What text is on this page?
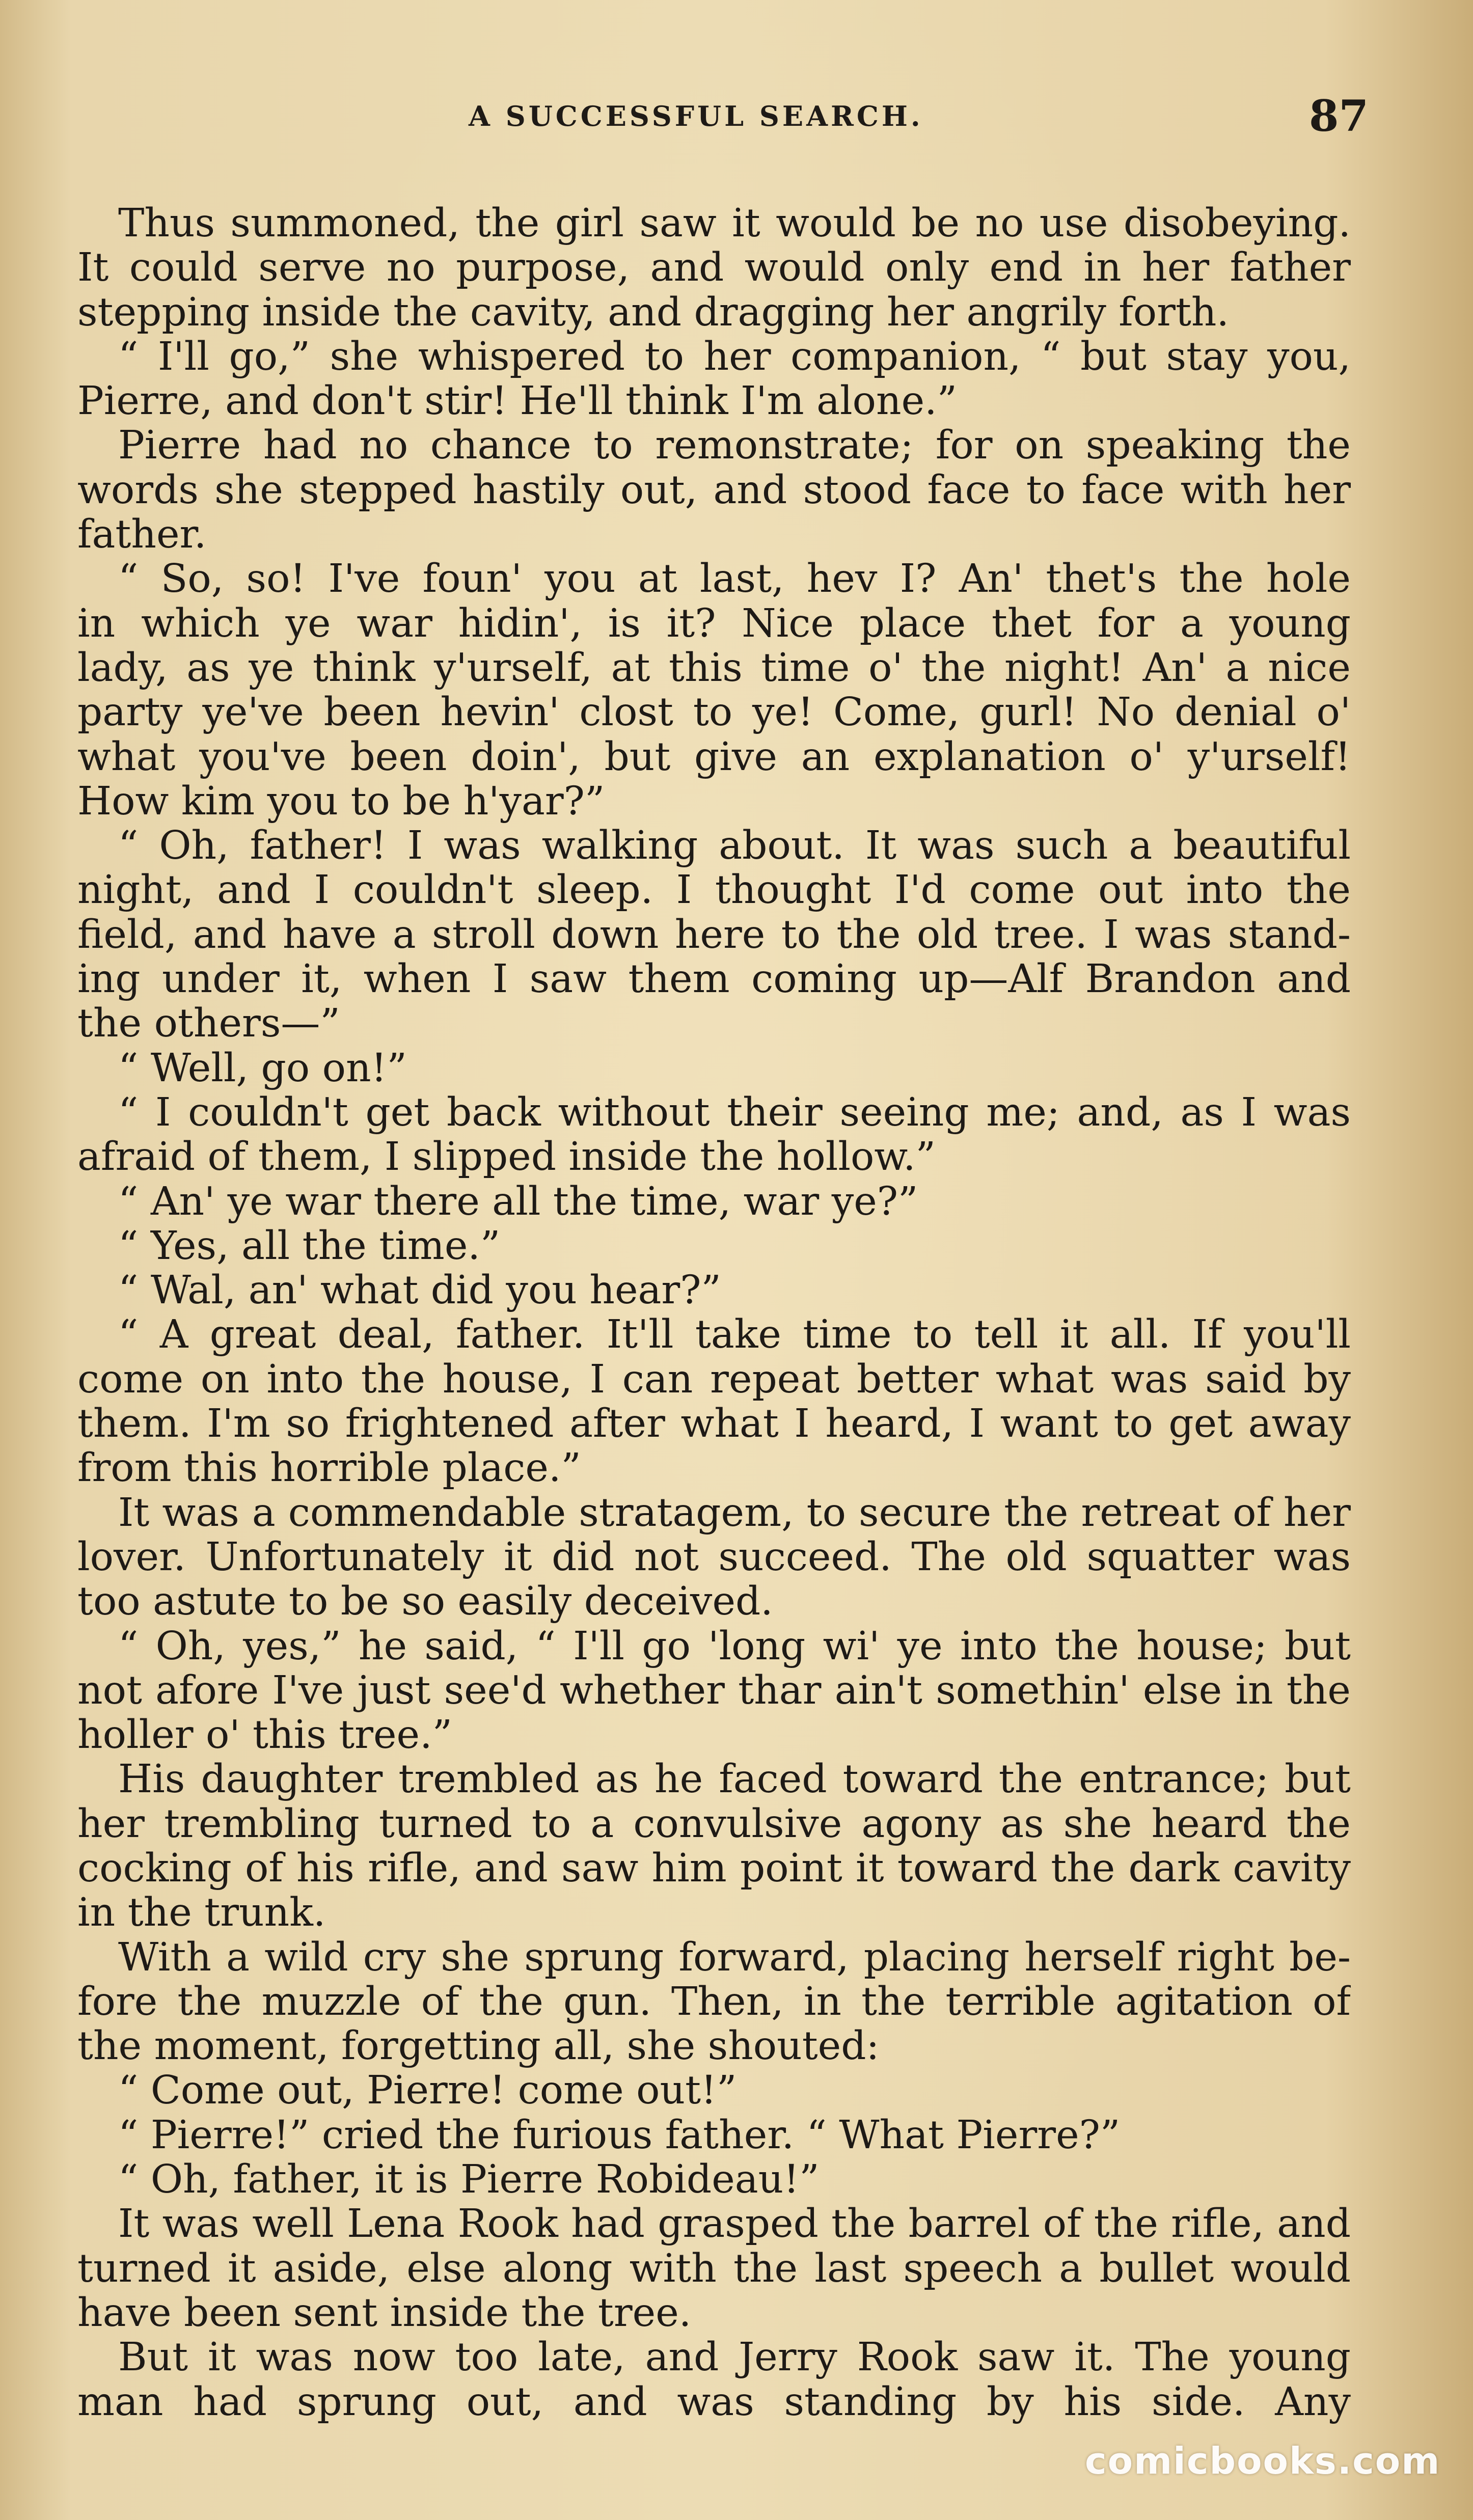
A SUCCESSFUL SEARCH.	87
Thus summoned, the girl saw it would be no use disobeying.
It could serve no purpose, and would only end in her father
stepping inside the cavity, and dragging her angrily forth.
“ I'll go,” she whispered to her companion, “ but stay you,
Pierre, and don't stir! He'll think I'm alone.”
Pierre had no chance to remonstrate; for on speaking the
words she stepped hastily out, and stood face to face with her
father.
“ So, so! I've foun' you at last, hev I? An' thet's the hole
in which ye war hidin', is it? Nice place thet for a young
lady, as ye think y'urself, at this time o' the night! An' a nice
party ye've been hevin' clost to ye! Come, gurl! No denial o'
what you've been doin', but give an explanation o' y'urself!
How kim you to be h'yar?”
“ Oh, father! I was walking about. It was such a beautiful
night, and I couldn't sleep. I thought I'd come out into the
field, and have a stroll down here to the old tree. I was stand-
ing under it, when I saw them coming up—Alf Brandon and
the others—”
“ Well, go on!”
“ I couldn't get back without their seeing me; and, as I was
afraid of them, I slipped inside the hollow.”
“ An' ye war there all the time, war ye?”
“ Yes, all the time.”
“ Wal, an' what did you hear?”
“ A great deal, father. It'll take time to tell it all. If you'll
come on into the house, I can repeat better what was said by
them. I'm so frightened after what I heard, I want to get away
from this horrible place.”
It was a commendable stratagem, to secure the retreat of her
lover. Unfortunately it did not succeed. The old squatter was
too astute to be so easily deceived.
“ Oh, yes,” he said, “ I'll go 'long wi' ye into the house; but
not afore I've just see'd whether thar ain't somethin' else in the
holler o' this tree.”
His daughter trembled as he faced toward the entrance; but
her trembling turned to a convulsive agony as she heard the
cocking of his rifle, and saw him point it toward the dark cavity
in the trunk.
With a wild cry she sprung forward, placing herself right be-
fore the muzzle of the gun. Then, in the terrible agitation of
the moment, forgetting all, she shouted:
“ Come out, Pierre! come out!”
“ Pierre!” cried the furious father. “ What Pierre?”
“ Oh, father, it is Pierre Robideau!”
It was well Lena Rook had grasped the barrel of the rifle, and
turned it aside, else along with the last speech a bullet would
have been sent inside the tree.
But it was now too late, and Jerry Rook saw it. The young
man had sprung out, and was standing by his side. Any
comicbooks.com
